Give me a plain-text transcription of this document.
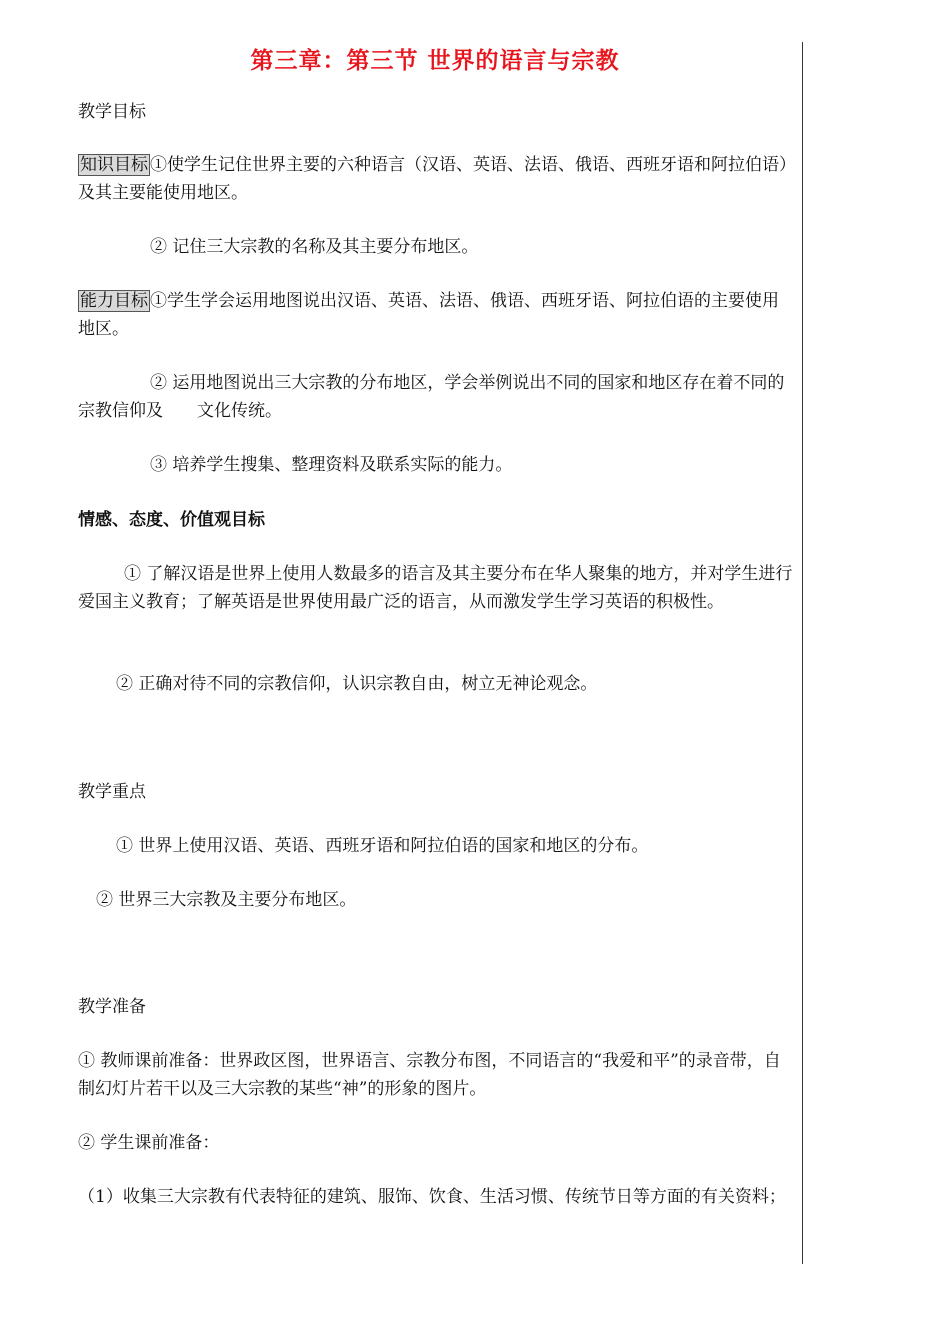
第三章：第三节 世界的语言与宗教
教学目标
知识目标 ①使学生记住世界主要的六种语言（汉语、英语、法语、俄语、西班牙语和阿拉伯语）及其主要能使用地区。
② 记住三大宗教的名称及其主要分布地区。
能力目标 ①学生学会运用地图说出汉语、英语、法语、俄语、西班牙语、阿拉伯语的主要使用地区。
② 运用地图说出三大宗教的分布地区，学会举例说出不同的国家和地区存在着不同的宗教信仰及　　文化传统。
③ 培养学生搜集、整理资料及联系实际的能力。
情感、态度、价值观目标
① 了解汉语是世界上使用人数最多的语言及其主要分布在华人聚集的地方，并对学生进行爱国主义教育；了解英语是世界使用最广泛的语言，从而激发学生学习英语的积极性。
② 正确对待不同的宗教信仰，认识宗教自由，树立无神论观念。
教学重点
① 世界上使用汉语、英语、西班牙语和阿拉伯语的国家和地区的分布。
② 世界三大宗教及主要分布地区。
教学准备
① 教师课前准备：世界政区图，世界语言、宗教分布图，不同语言的“我爱和平”的录音带，自制幻灯片若干以及三大宗教的某些“神”的形象的图片。
② 学生课前准备：
（1）收集三大宗教有代表特征的建筑、服饰、饮食、生活习惯、传统节日等方面的有关资料；
